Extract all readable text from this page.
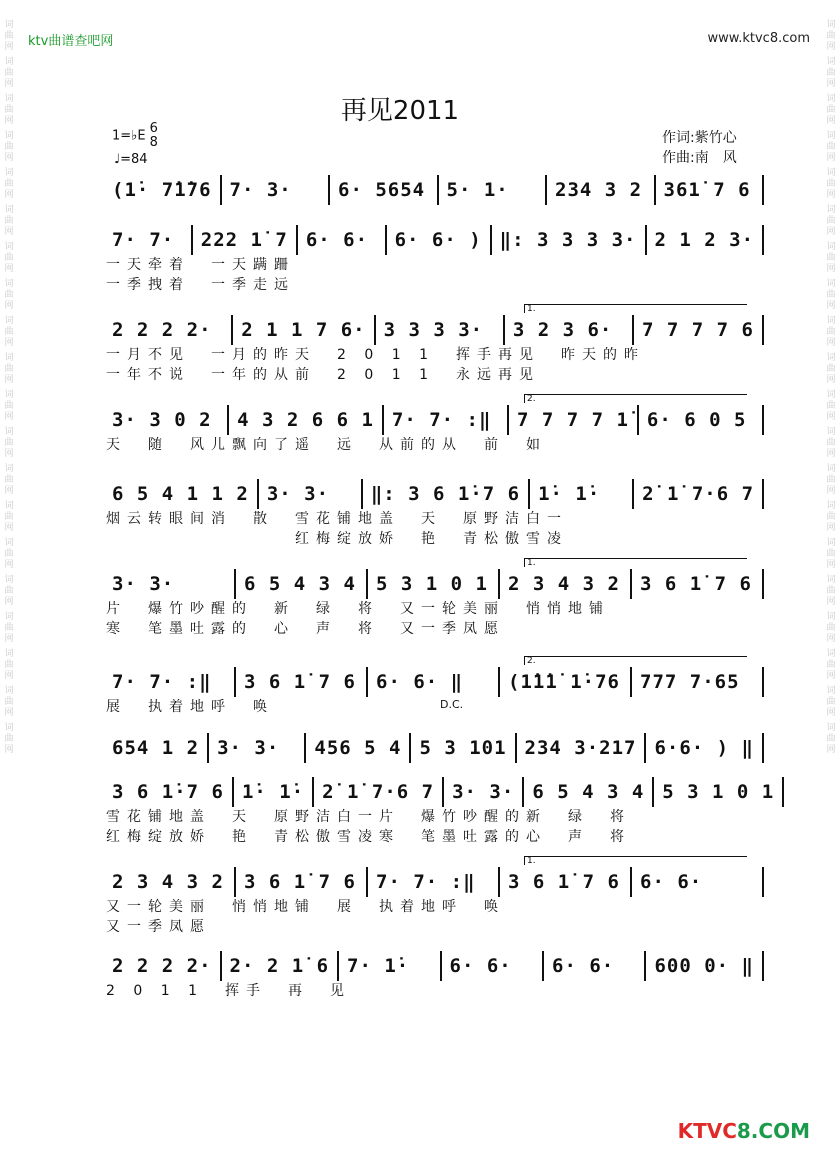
词曲网
词曲网
词曲网
词曲网
词曲网
词曲网
词曲网
词曲网
词曲网
词曲网
词曲网
词曲网
词曲网
词曲网
词曲网
词曲网
词曲网
词曲网
词曲网
词曲网
词曲网
词曲网
词曲网
词曲网
词曲网
词曲网
词曲网
词曲网
词曲网
词曲网
词曲网
词曲网
词曲网
词曲网
词曲网
词曲网
词曲网
词曲网
词曲网
词曲网
ktv曲谱查吧网	www.ktvc8.com
再见2011
1=♭E 6
8
♩=84
作词:紫竹心
作曲:南　风
(1̇· 7̇1̇76 7· 3·	6· 5654	5· 1·	234 3 2	361̇ 7 6
7· 7·	222 1̇ 7 6· 6·	6· 6· ) ‖: 3 3 3 3· 2 1 2 3·
一天牵着　一天蹒跚
一季拽着　一季走远
2 2 2 2·	2 1 1 7 6· 3 3 3 3·	3 2 3 6·	7 7 7 7 6
一月不见　一月的昨天　2 0 1 1　挥手再见　昨天的昨
一年不说　一年的从前　2 0 1 1　永远再见
1.
3· 3 0 2	4 3 2 6 6 1 7· 7· :‖	7 7 7 7 1̇ 6· 6 0 5
天　随　风儿飘向了遥　远　从前的从　前　如
2.
6 5 4 1 1 2 3· 3·	‖: 3 6 1̇·7 6 1̇· 1̇·	2̇ 1̇ 7·6 7
烟云转眼间消　散　雪花铺地盖　天　原野洁白一
　　　　　　　　　红梅绽放娇　艳　青松傲雪凌
3· 3·	6 5 4 3 4	5 3 1 0 1	2 3 4 3 2	3 6 1̇ 7 6
片　爆竹吵醒的　新　绿　将　又一轮美丽　悄悄地铺
寒　笔墨吐露的　心　声　将　又一季凤愿
1.
7· 7· :‖	3 6 1̇ 7 6	6· 6· ‖	(1̇1̇1̇ 1̇·76	777 7·65
展　执着地呼　唤　　　
2.
D.C.
654 1 2 3· 3·	456 5 4 5 3 101 234 3·217 6·6· ) ‖
3 6 1̇·7 6 1̇· 1̇· 2̇ 1̇ 7·6 7 3· 3· 6 5 4 3 4 5 3 1 0 1
雪花铺地盖　天　原野洁白一片　爆竹吵醒的新　绿　将
红梅绽放娇　艳　青松傲雪凌寒　笔墨吐露的心　声　将
2 3 4 3 2	3 6 1̇ 7 6	7· 7· :‖	3 6 1̇ 7 6	6· 6·
又一轮美丽　悄悄地铺　展　执着地呼　唤
又一季凤愿
1.
2 2 2 2· 2· 2 1̇ 6 7· 1̇·	6· 6·	6· 6·	600 0· ‖
2 0 1 1　挥手　再　见
KTVC8.COM
